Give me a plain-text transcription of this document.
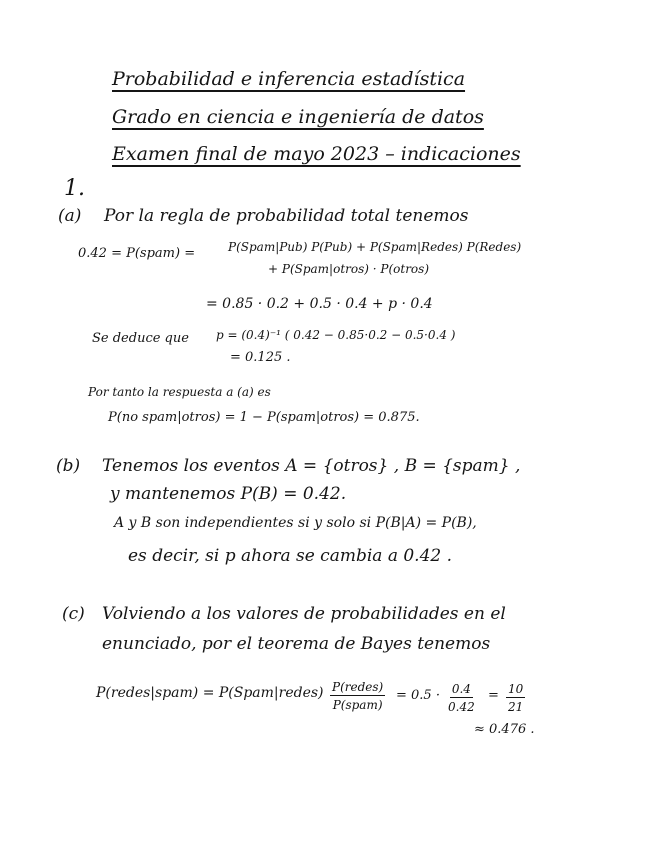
Probabilidad e inferencia estadística
Grado en ciencia e ingeniería de datos
Examen final de mayo 2023 – indicaciones
1.
(a) Por la regla de probabilidad total tenemos
0.42 = P(spam) =	P(Spam|Pub) P(Pub) + P(Spam|Redes) P(Redes)
+ P(Spam|otros) · P(otros)
= 0.85 · 0.2 + 0.5 · 0.4 + p · 0.4
Se deduce que p = (0.4)⁻¹ ( 0.42 − 0.85·0.2 − 0.5·0.4 )
= 0.125 .
Por tanto la respuesta a (a) es
P(no spam|otros) = 1 − P(spam|otros) = 0.875.
(b) Tenemos los eventos A = {otros} , B = {spam} ,
y mantenemos P(B) = 0.42.
A y B son independientes si y solo si P(B|A) = P(B),
es decir, si p ahora se cambia a 0.42 .
(c) Volviendo a los valores de probabilidades en el
enunciado, por el teorema de Bayes tenemos
P(redes|spam) = P(Spam|redes) P(redes)
P(spam)
= $0.5 \cdot \frac{0.4}{0.42} = \frac{10}{21}$
≈ 0.476 .
